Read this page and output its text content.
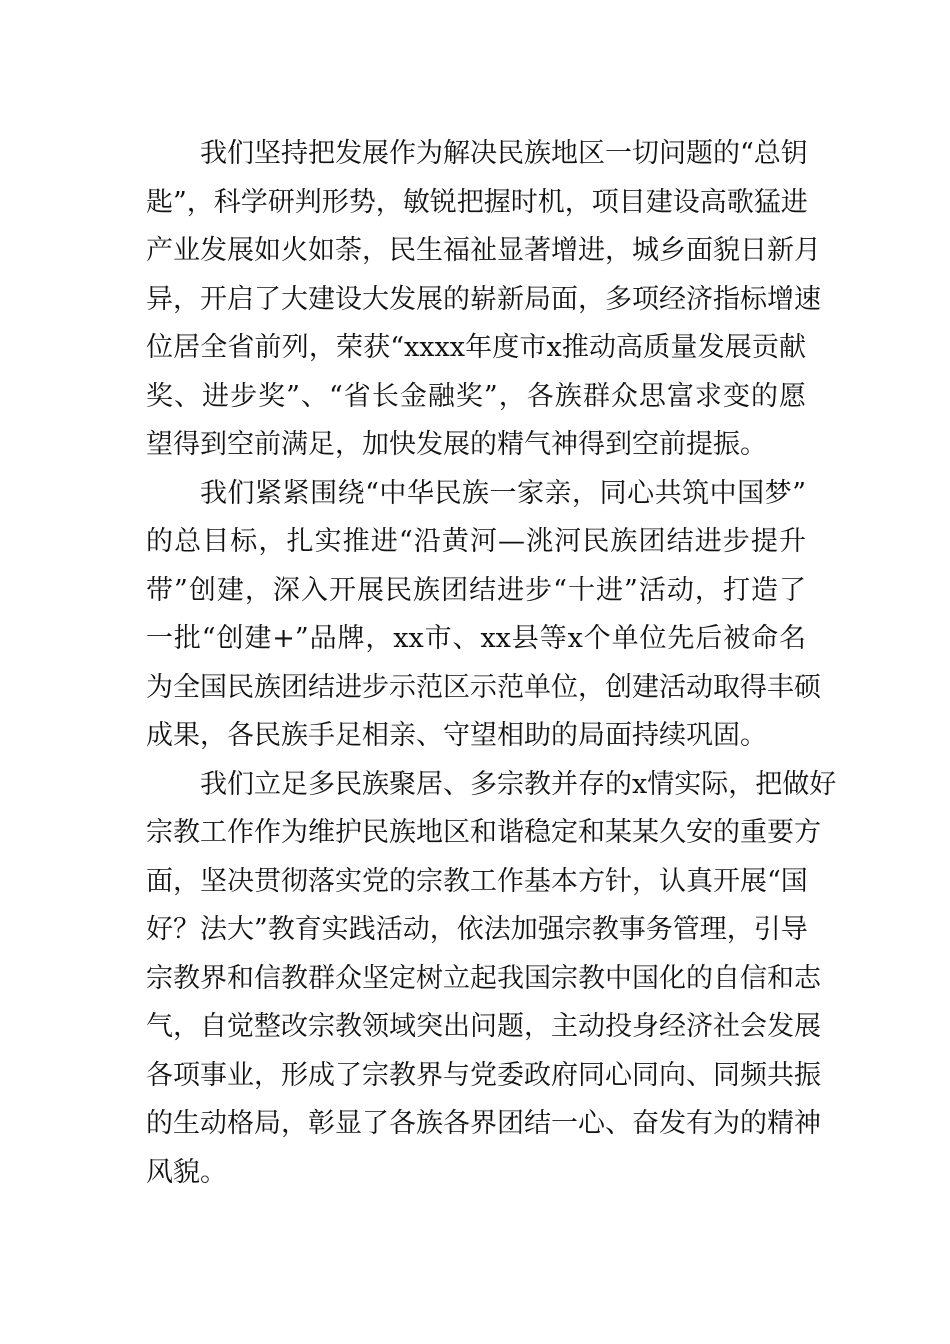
我们坚持把发展作为解决民族地区一切问题的“总钥
匙”，科学研判形势，敏锐把握时机，项目建设高歌猛进
产业发展如火如荼，民生福祉显著增进，城乡面貌日新月
异，开启了大建设大发展的崭新局面，多项经济指标增速
位居全省前列，荣获“xxxx年度市x推动高质量发展贡献
奖、进步奖”、“省长金融奖”，各族群众思富求变的愿
望得到空前满足，加快发展的精气神得到空前提振。
我们紧紧围绕“中华民族一家亲，同心共筑中国梦”
的总目标，扎实推进“沿黄河—洮河民族团结进步提升
带”创建，深入开展民族团结进步“十进”活动，打造了
一批“创建+”品牌，xx市、xx县等x个单位先后被命名
为全国民族团结进步示范区示范单位，创建活动取得丰硕
成果，各民族手足相亲、守望相助的局面持续巩固。
我们立足多民族聚居、多宗教并存的x情实际，把做好
宗教工作作为维护民族地区和谐稳定和某某久安的重要方
面，坚决贯彻落实党的宗教工作基本方针，认真开展“国
好？法大”教育实践活动，依法加强宗教事务管理，引导
宗教界和信教群众坚定树立起我国宗教中国化的自信和志
气，自觉整改宗教领域突出问题，主动投身经济社会发展
各项事业，形成了宗教界与党委政府同心同向、同频共振
的生动格局，彰显了各族各界团结一心、奋发有为的精神
风貌。
